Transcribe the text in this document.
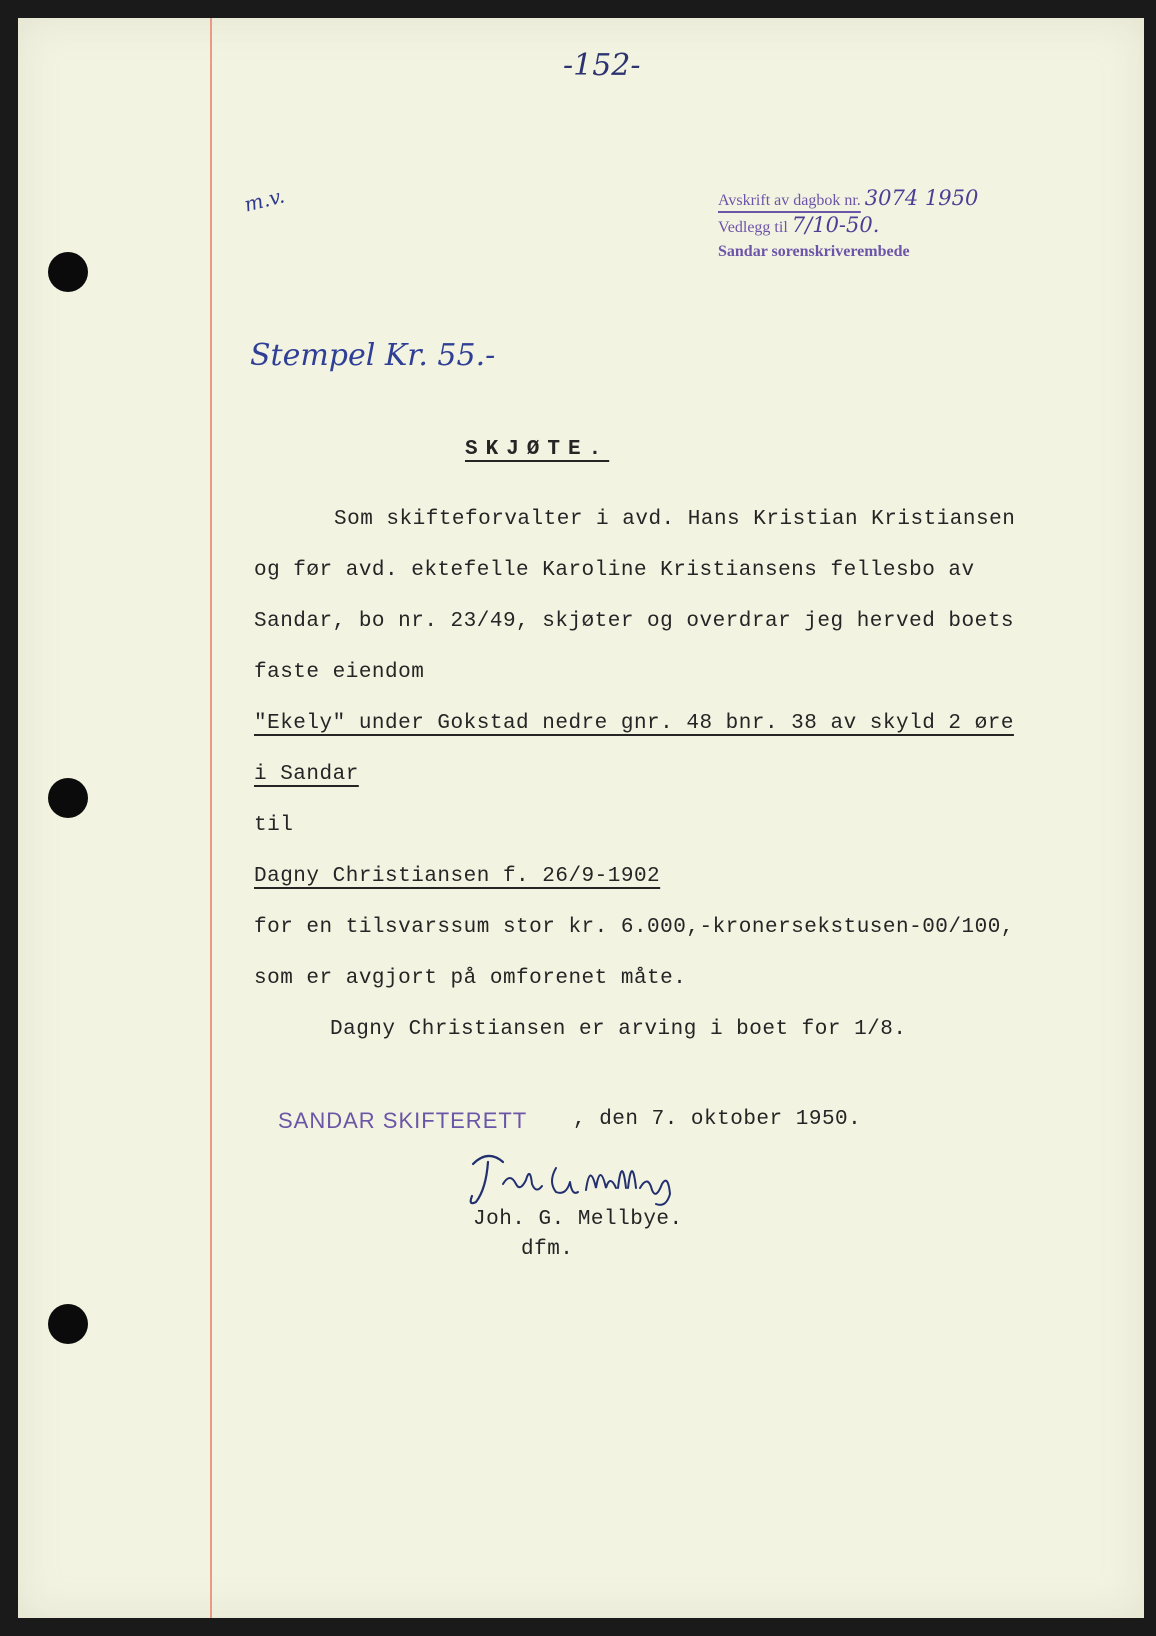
-152-
m.v.	Avskrift av dagbok nr. 3074 1950
Vedlegg til 7/10-50.
Sandar sorenskriverembede
Stempel Kr. 55.-
SKJØTE.
Som skifteforvalter i avd. Hans Kristian Kristiansen
og før avd. ektefelle Karoline Kristiansens fellesbo av
Sandar, bo nr. 23/49, skjøter og overdrar jeg herved boets
faste eiendom
"Ekely" under Gokstad nedre gnr. 48 bnr. 38 av skyld 2 øre
i Sandar
til
Dagny Christiansen f. 26/9-1902
for en tilsvarssum stor kr. 6.000,-kronersekstusen-00/100,
som er avgjort på omforenet måte.
Dagny Christiansen er arving i boet for 1/8.
SANDAR SKIFTERETT , den 7. oktober 1950.
Joh. G. Mellbye.
dfm.
